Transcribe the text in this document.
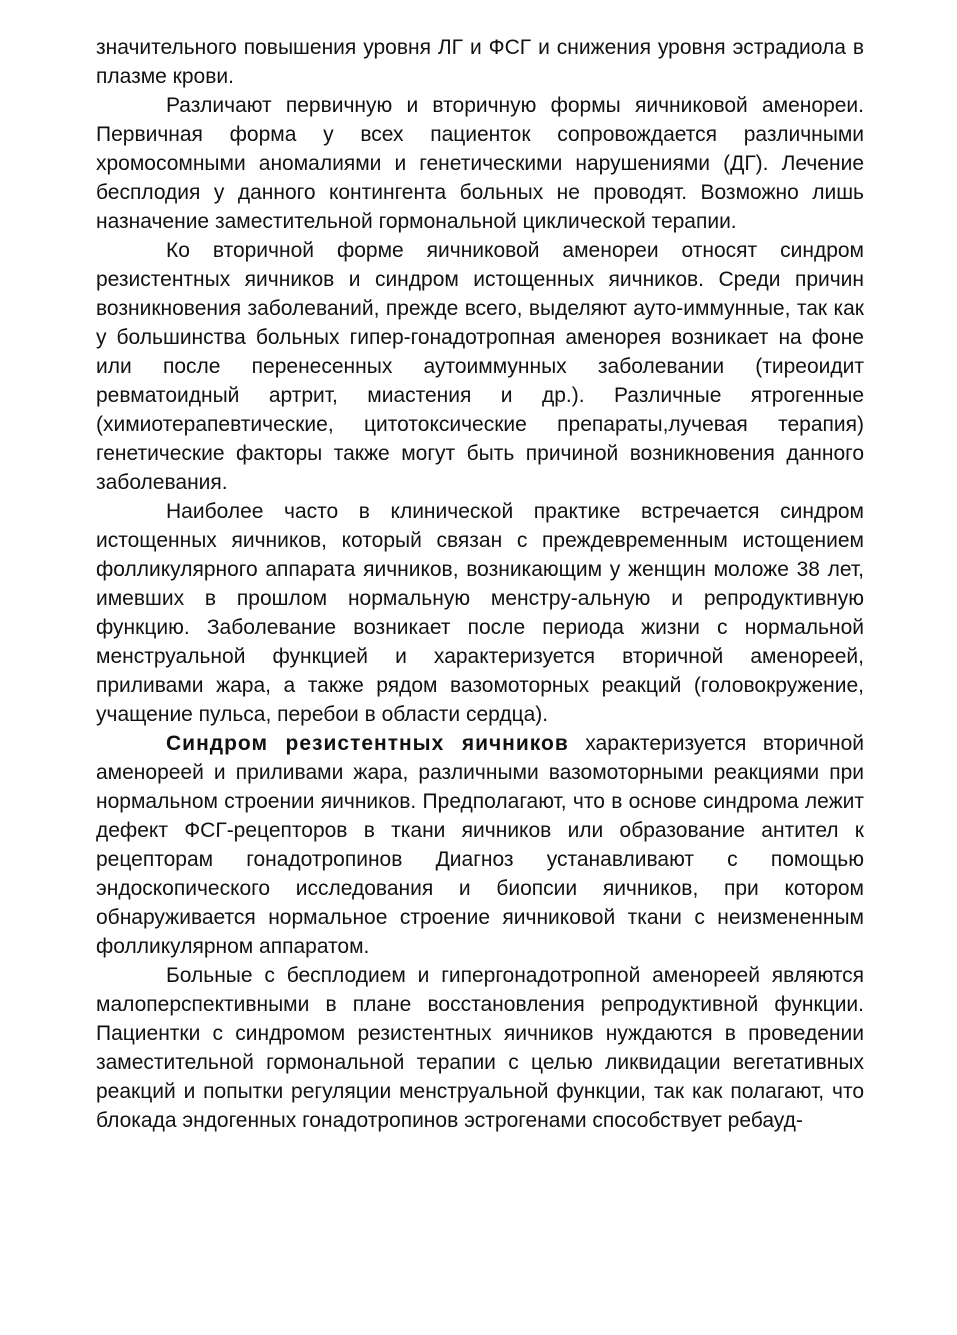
значительного повышения уровня ЛГ и ФСГ и снижения уровня эстрадиола в плазме крови.

Различают первичную и вторичную формы яичниковой аменореи. Первичная форма у всех пациенток сопровождается различными хромосомными аномалиями и генетическими нарушениями (ДГ). Лечение бесплодия у данного контингента больных не проводят. Возможно лишь назначение заместительной гормональной циклической терапии.

Ко вторичной форме яичниковой аменореи относят синдром резистентных яичников и синдром истощенных яичников. Среди причин возникновения заболеваний, прежде всего, выделяют ауто-иммунные, так как у большинства больных гипер-гонадотропная аменорея возникает на фоне или после перенесенных аутоиммунных заболевании (тиреоидит ревматоидный артрит, миастения и др.). Различные ятрогенные (химиотерапевтические, цитотоксические препараты,лучевая терапия) генетические факторы также могут быть причиной возникновения данного заболевания.

Наиболее часто в клинической практике встречается синдром истощенных яичников, который связан с преждевременным истощением фолликулярного аппарата яичников, возникающим у женщин моложе 38 лет, имевших в прошлом нормальную менстру-альную и репродуктивную функцию. Заболевание возникает после периода жизни с нормальной менструальной функцией и характеризуется вторичной аменореей, приливами жара, а также рядом вазомоторных реакций (головокружение, учащение пульса, перебои в области сердца).

Синдром резистентных яичников характеризуется вторичной аменореей и приливами жара, различными вазомоторными реакциями при нормальном строении яичников. Предполагают, что в основе синдрома лежит дефект ФСГ-рецепторов в ткани яичников или образование антител к рецепторам гонадотропинов Диагноз устанавливают с помощью эндоскопического исследования и биопсии яичников, при котором обнаруживается нормальное строение яичниковой ткани с неизмененным фолликулярном аппаратом.

Больные с бесплодием и гипергонадотропной аменореей являются малоперспективными в плане восстановления репродуктивной функции. Пациентки с синдромом резистентных яичников нуждаются в проведении заместительной гормональной терапии с целью ликвидации вегетативных реакций и попытки регуляции менструальной функции, так как полагают, что блокада эндогенных гонадотропинов эстрогенами способствует ребауд-
